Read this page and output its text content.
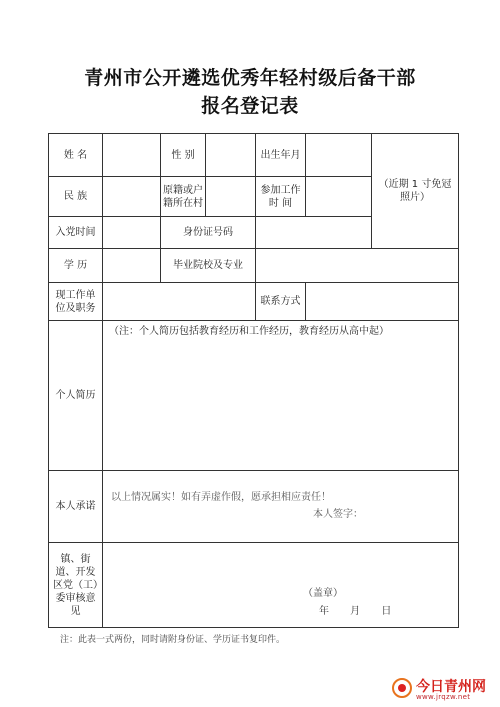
青州市公开遴选优秀年轻村级后备干部
报名登记表
姓 名		性 别		出生年月		（近期 1 寸免冠照片）
民 族		原籍或户籍所在村		参加工作时 间		
入党时间		身份证号码				
学 历		毕业院校及专业				
现工作单位及职务				联系方式		
个人简历	（注：个人简历包括教育经历和工作经历，教育经历从高中起）					
本人承诺	以上情况属实！如有弄虚作假，愿承担相应责任！
本人签字：					

镇、街道、开发区党（工）委审核意见	（盖章）
年 月 日					
注：此表一式两份，同时请附身份证、学历证书复印件。
今日青州网
www.jrqzw.net
